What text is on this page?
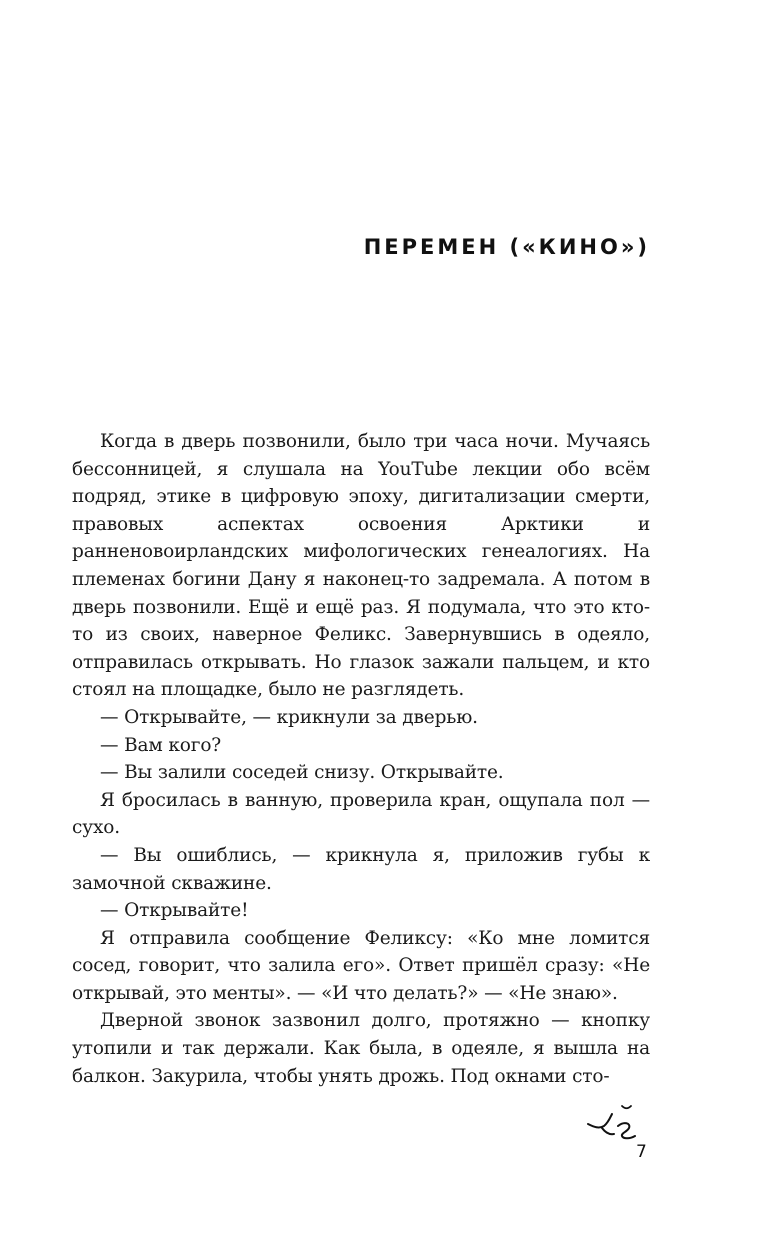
ПЕРЕМЕН («КИНО»)

Когда в дверь позвонили, было три часа ночи. Мучаясь бессонницей, я слушала на YouTube лекции обо всём подряд, этике в цифровую эпоху, дигитализации смерти, правовых аспектах освоения Арктики и ранненовоирландских мифологических генеалогиях. На племенах богини Дану я наконец-то задремала. А потом в дверь позвонили. Ещё и ещё раз. Я подумала, что это кто-то из своих, наверное Феликс. Завернувшись в одеяло, отправилась открывать. Но глазок зажали пальцем, и кто стоял на площадке, было не разглядеть.

— Открывайте, — крикнули за дверью.

— Вам кого?

— Вы залили соседей снизу. Открывайте.

Я бросилась в ванную, проверила кран, ощупала пол — сухо.

— Вы ошиблись, — крикнула я, приложив губы к замочной скважине.

— Открывайте!

Я отправила сообщение Феликсу: «Ко мне ломится сосед, говорит, что залила его». Ответ пришёл сразу: «Не открывай, это менты». — «И что делать?» — «Не знаю».

Дверной звонок зазвонил долго, протяжно — кнопку утопили и так держали. Как была, в одеяле, я вышла на балкон. Закурила, чтобы унять дрожь. Под окнами сто-

7
